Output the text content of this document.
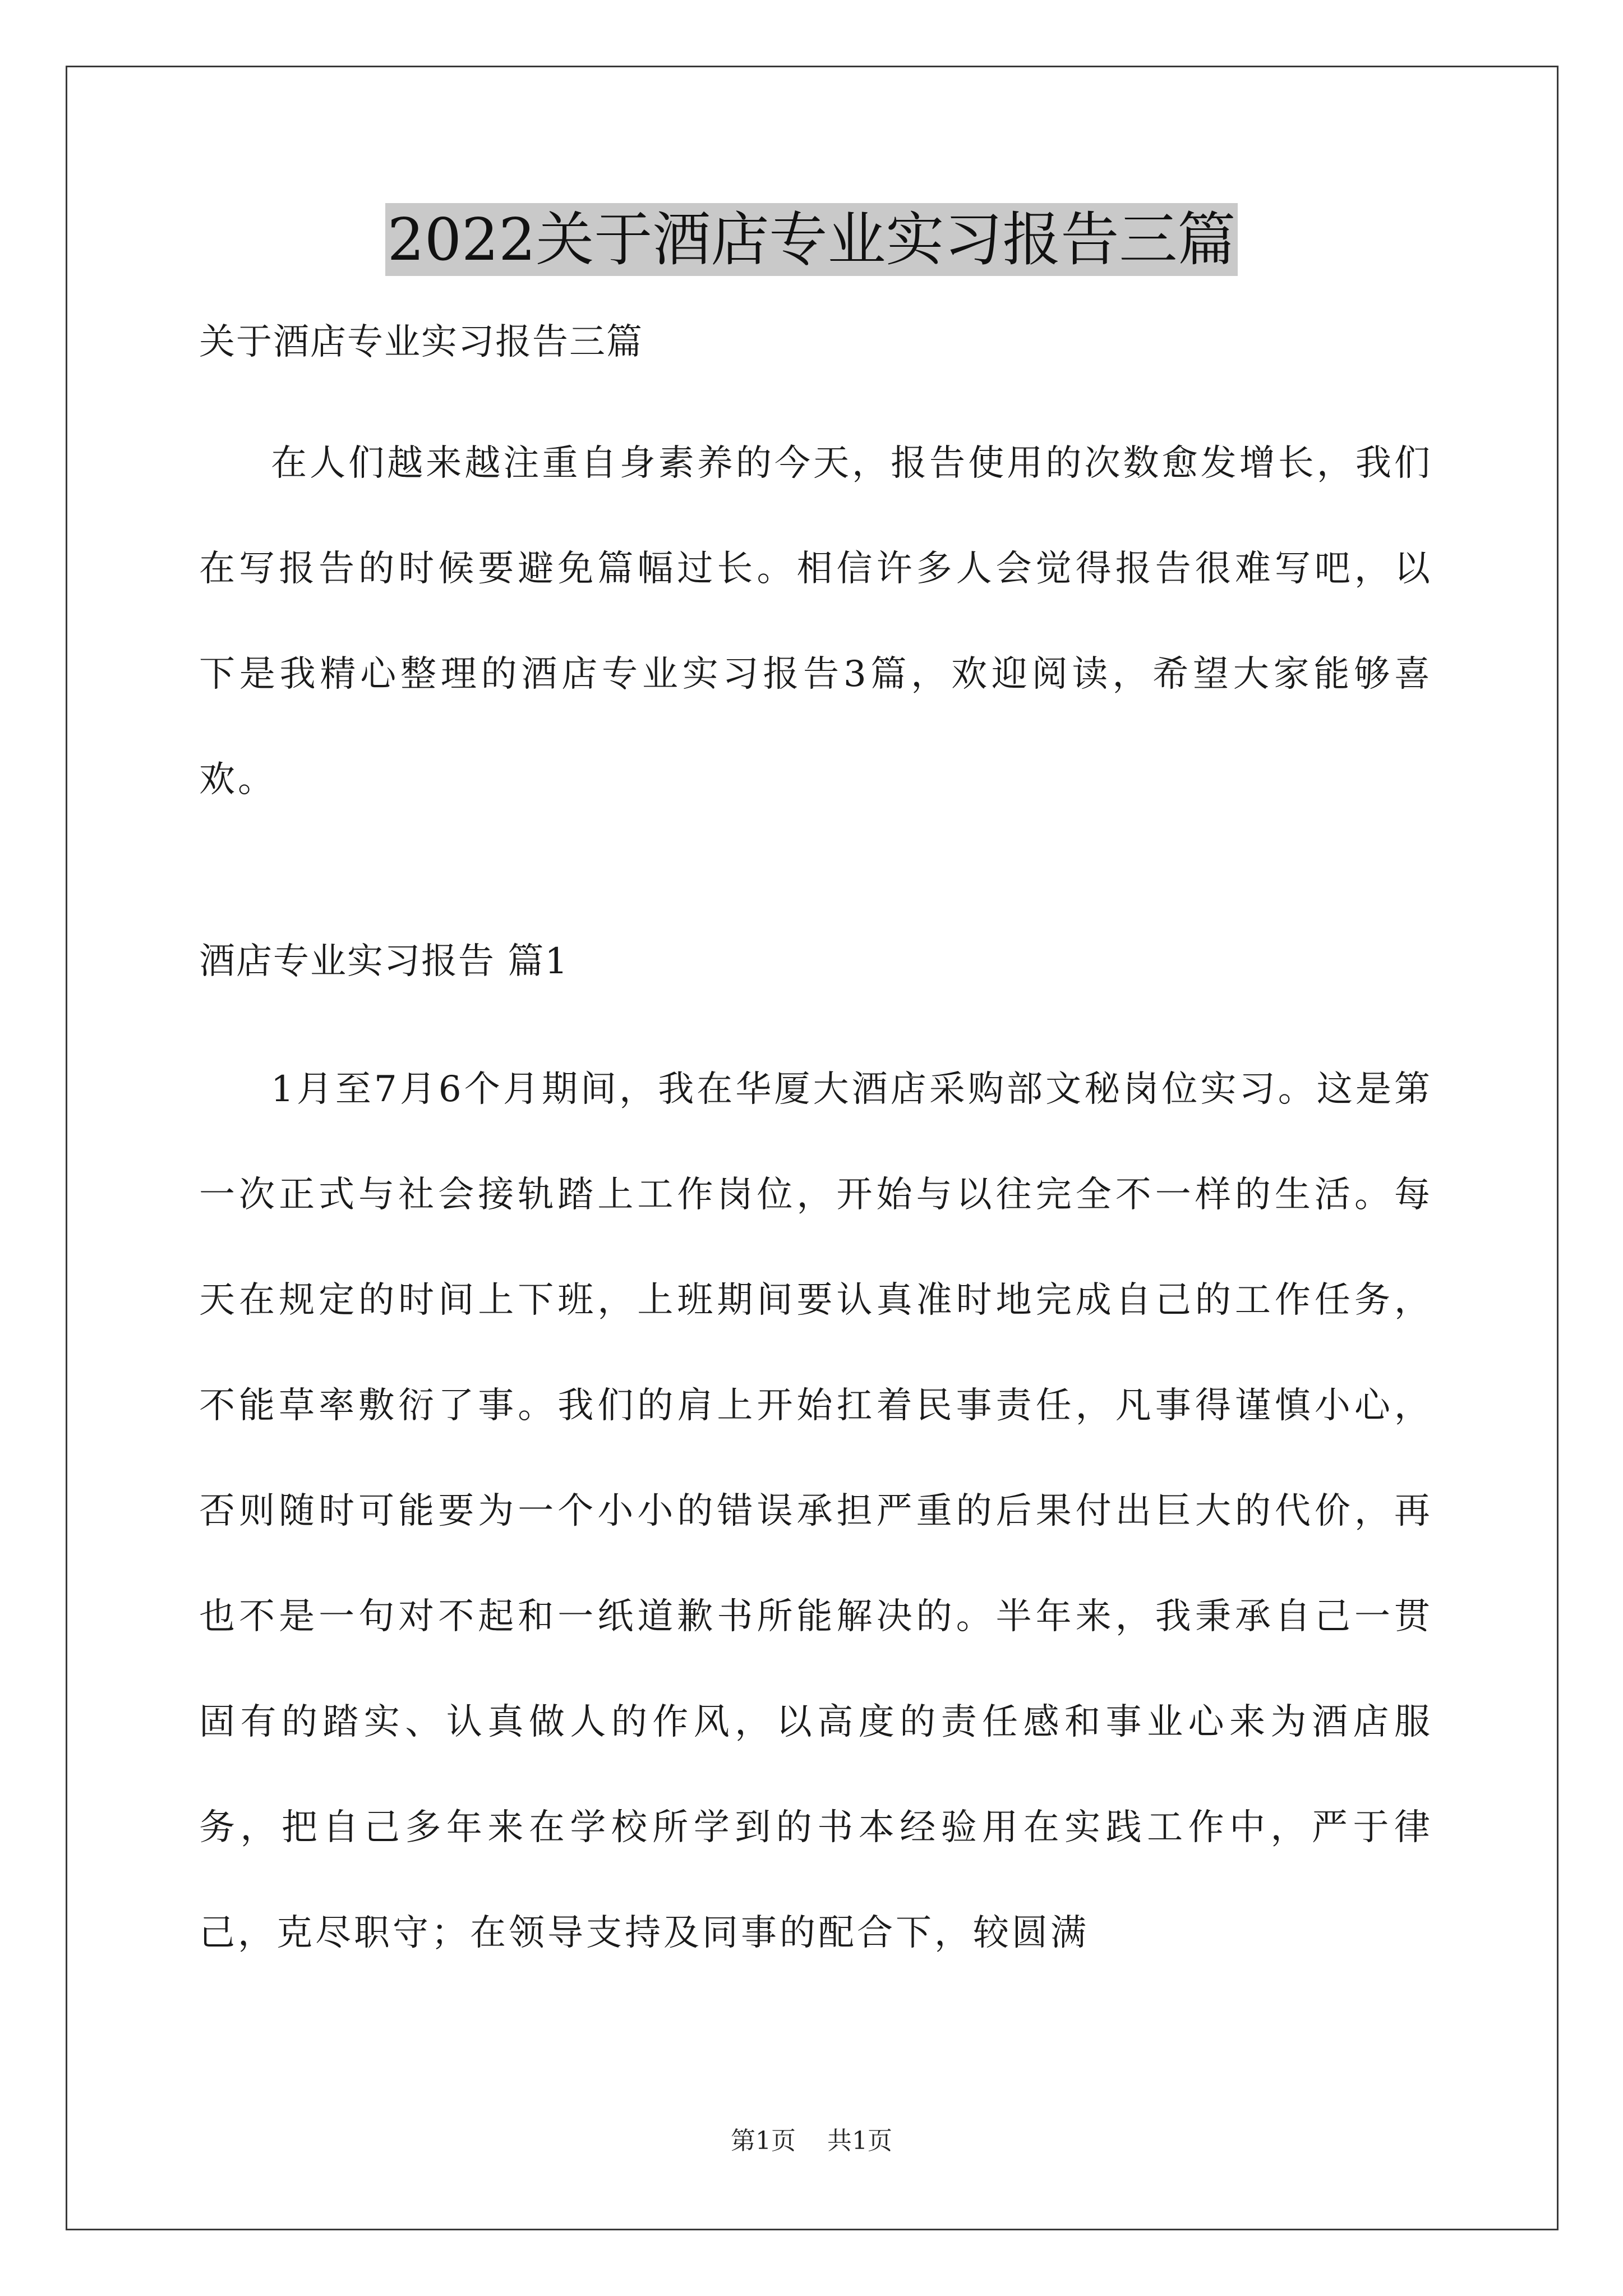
2022关于酒店专业实习报告三篇

关于酒店专业实习报告三篇

在人们越来越注重自身素养的今天，报告使用的次数愈发增长，我们在写报告的时候要避免篇幅过长。相信许多人会觉得报告很难写吧，以下是我精心整理的酒店专业实习报告3篇，欢迎阅读，希望大家能够喜欢。

酒店专业实习报告 篇1

1月至7月6个月期间，我在华厦大酒店采购部文秘岗位实习。这是第一次正式与社会接轨踏上工作岗位，开始与以往完全不一样的生活。每天在规定的时间上下班，上班期间要认真准时地完成自己的工作任务，不能草率敷衍了事。我们的肩上开始扛着民事责任，凡事得谨慎小心，否则随时可能要为一个小小的错误承担严重的后果付出巨大的代价，再也不是一句对不起和一纸道歉书所能解决的。半年来，我秉承自己一贯固有的踏实、认真做人的作风，以高度的责任感和事业心来为酒店服务，把自己多年来在学校所学到的书本经验用在实践工作中，严于律己，克尽职守；在领导支持及同事的配合下，较圆满

第1页 共1页
